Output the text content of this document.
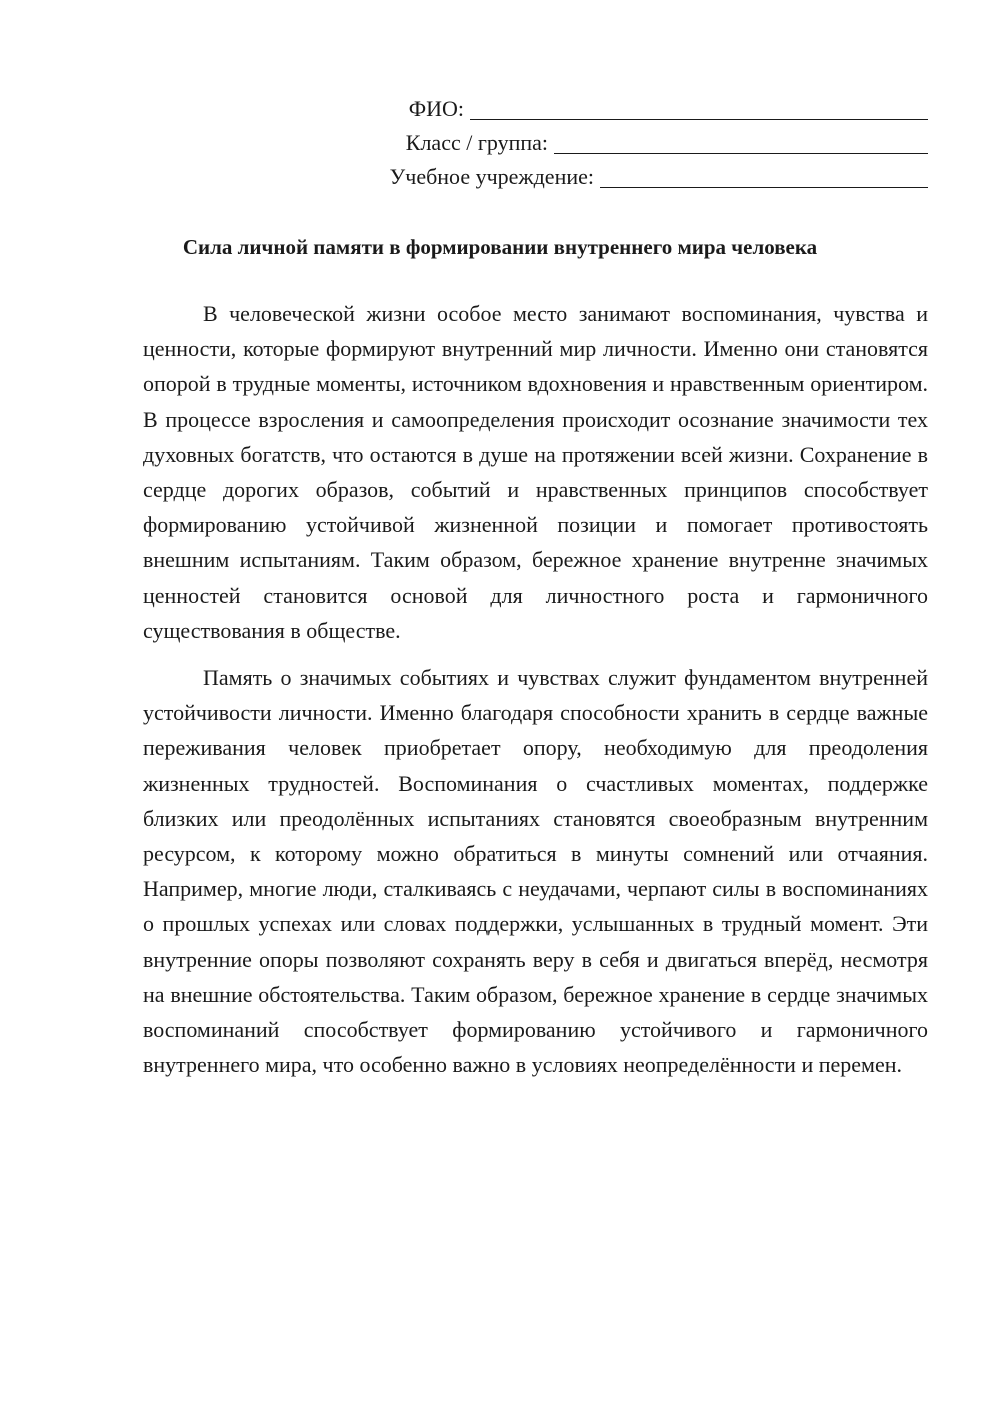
ФИО:
Класс / группа:
Учебное учреждение:
Сила личной памяти в формировании внутреннего мира человека

В человеческой жизни особое место занимают воспоминания, чувства и ценности, которые формируют внутренний мир личности. Именно они становятся опорой в трудные моменты, источником вдохновения и нравственным ориентиром. В процессе взросления и самоопределения происходит осознание значимости тех духовных богатств, что остаются в душе на протяжении всей жизни. Сохранение в сердце дорогих образов, событий и нравственных принципов способствует формированию устойчивой жизненной позиции и помогает противостоять внешним испытаниям. Таким образом, бережное хранение внутренне значимых ценностей становится основой для личностного роста и гармоничного существования в обществе.

Память о значимых событиях и чувствах служит фундаментом внутренней устойчивости личности. Именно благодаря способности хранить в сердце важные переживания человек приобретает опору, необходимую для преодоления жизненных трудностей. Воспоминания о счастливых моментах, поддержке близких или преодолённых испытаниях становятся своеобразным внутренним ресурсом, к которому можно обратиться в минуты сомнений или отчаяния. Например, многие люди, сталкиваясь с неудачами, черпают силы в воспоминаниях о прошлых успехах или словах поддержки, услышанных в трудный момент. Эти внутренние опоры позволяют сохранять веру в себя и двигаться вперёд, несмотря на внешние обстоятельства. Таким образом, бережное хранение в сердце значимых воспоминаний способствует формированию устойчивого и гармоничного внутреннего мира, что особенно важно в условиях неопределённости и перемен.
